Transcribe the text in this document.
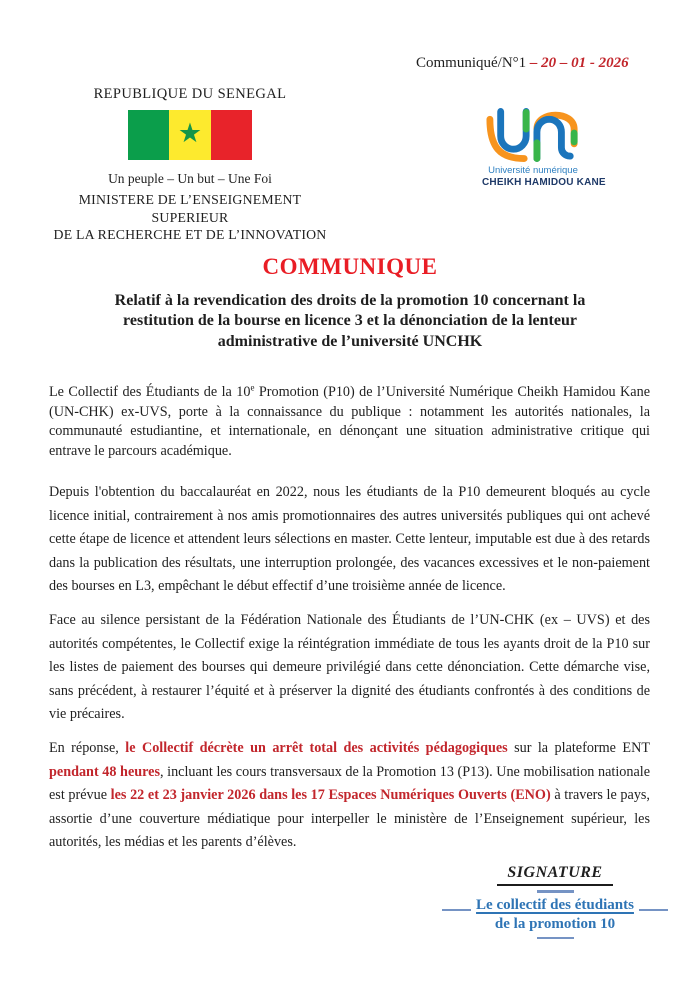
Communiqué/N°1 – 20 – 01 - 2026
REPUBLIQUE DU SENEGAL
★
Un peuple – Un but – Une Foi
MINISTERE DE L’ENSEIGNEMENT SUPERIEUR
DE LA RECHERCHE ET DE L’INNOVATION
Université numérique
CHEIKH HAMIDOU KANE
COMMUNIQUE
Relatif à la revendication des droits de la promotion 10 concernant la
restitution de la bourse en licence 3 et la dénonciation de la lenteur
administrative de l’université UNCHK

Le Collectif des Étudiants de la 10e Promotion (P10) de l’Université Numérique Cheikh Hamidou Kane (UN-CHK) ex-UVS, porte à la connaissance du publique : notamment les autorités nationales, la communauté estudiantine, et internationale, en dénonçant une situation administrative critique qui entrave le parcours académique.

Depuis l'obtention du baccalauréat en 2022, nous les étudiants de la P10 demeurent bloqués au cycle licence initial, contrairement à nos amis promotionnaires des autres universités publiques qui ont achevé cette étape de licence et attendent leurs sélections en master. Cette lenteur, imputable est due à des retards dans la publication des résultats, une interruption prolongée, des vacances excessives et le non-paiement des bourses en L3, empêchant le début effectif d’une troisième année de licence.

Face au silence persistant de la Fédération Nationale des Étudiants de l’UN-CHK (ex – UVS) et des autorités compétentes, le Collectif exige la réintégration immédiate de tous les ayants droit de la P10 sur les listes de paiement des bourses qui demeure privilégié dans cette dénonciation. Cette démarche vise, sans précédent, à restaurer l’équité et à préserver la dignité des étudiants confrontés à des conditions de vie précaires.

En réponse, le Collectif décrète un arrêt total des activités pédagogiques sur la plateforme ENT pendant 48 heures, incluant les cours transversaux de la Promotion 13 (P13). Une mobilisation nationale est prévue les 22 et 23 janvier 2026 dans les 17 Espaces Numériques Ouverts (ENO) à travers le pays, assortie d’une couverture médiatique pour interpeller le ministère de l’Enseignement supérieur, les autorités, les médias et les parents d’élèves.

SIGNATURE
Le collectif des étudiants
de la promotion 10
